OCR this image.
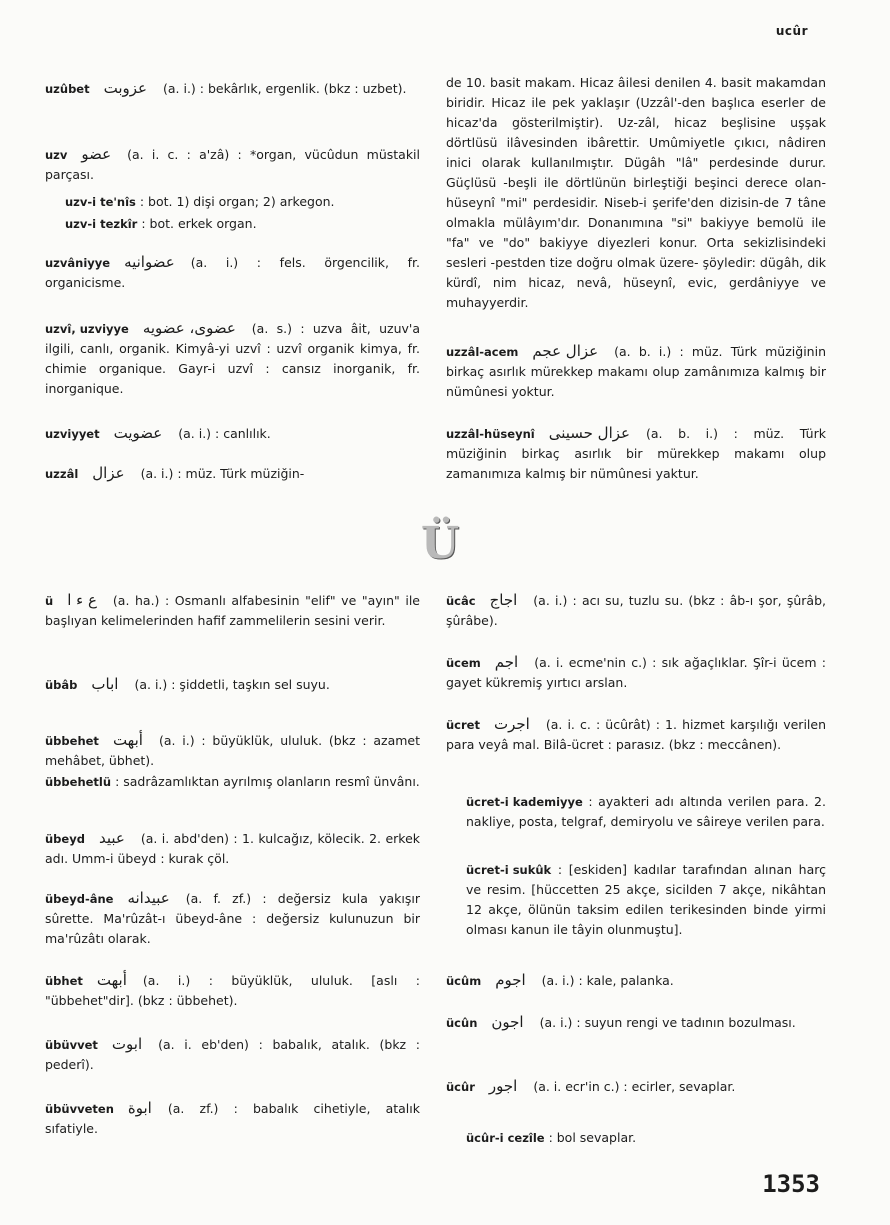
ucûr
Ü
1353
uzûbet عزوبت (a. i.) : bekârlık, ergenlik. (bkz : uzbet).
uzv عضو (a. i. c. : a'zâ) : *organ, vücûdun müstakil parçası.
uzv-i te'nîs : bot. 1) dişi organ; 2) arkegon.
uzv-i tezkîr : bot. erkek organ.
uzvâniyye عضوانيه (a. i.) : fels. örgencilik, fr. organicisme.
uzvî, uzviyye عضوى، عضويه (a. s.) : uzva âit, uzuv'a ilgili, canlı, organik. Kimyâ-yi uzvî : uzvî organik kimya, fr. chimie organique. Gayr-i uzvî : cansız inorganik, fr. inorganique.
uzviyyet عضويت (a. i.) : canlılık.
uzzâl عزال (a. i.) : müz. Türk müziğin-
de 10. basit makam. Hicaz âilesi denilen 4. basit makamdan biridir. Hicaz ile pek yaklaşır (Uzzâl'-den başlıca eserler de hicaz'da gösterilmiştir). Uz-zâl, hicaz beşlisine uşşak dörtlüsü ilâvesinden ibârettir. Umûmiyetle çıkıcı, nâdiren inici olarak kullanılmıştır. Dügâh "lâ" perdesinde durur. Güçlüsü -beşli ile dörtlünün birleştiği beşinci derece olan-hüseynî "mi" perdesidir. Niseb-i şerife'den dizisin-de 7 tâne olmakla mülâyım'dır. Donanımına "si" bakiyye bemolü ile "fa" ve "do" bakiyye diyezleri konur. Orta sekizlisindeki sesleri -pestden tize doğru olmak üzere- şöyledir: dügâh, dik kürdî, nim hicaz, nevâ, hüseynî, evic, gerdâniyye ve muhayyerdir.
uzzâl-acem عزال عجم (a. b. i.) : müz. Türk müziğinin birkaç asırlık mürekkep makamı olup zamânımıza kalmış bir nümûnesi yoktur.
uzzâl-hüseynî عزال حسينى (a. b. i.) : müz. Türk müziğinin birkaç asırlık bir mürekkep makamı olup zamanımıza kalmış bir nümûnesi yaktur.
ü ع ء ا (a. ha.) : Osmanlı alfabesinin "elif" ve "ayın" ile başlıyan kelimelerinden hafif zammelilerin sesini verir.
übâb اباب (a. i.) : şiddetli, taşkın sel suyu.
übbehet أبهت (a. i.) : büyüklük, ululuk. (bkz : azamet mehâbet, übhet).
übbehetlü : sadrâzamlıktan ayrılmış olanların resmî ünvânı.
übeyd عبيد (a. i. abd'den) : 1. kulcağız, kölecik. 2. erkek adı. Umm-i übeyd : kurak çöl.
übeyd-âne عبيدانه (a. f. zf.) : değersiz kula yakışır sûrette. Ma'rûzât-ı übeyd-âne : değersiz kulunuzun bir ma'rûzâtı olarak.
übhet أبهت (a. i.) : büyüklük, ululuk. [aslı : "übbehet"dir]. (bkz : übbehet).
übüvvet ابوت (a. i. eb'den) : babalık, atalık. (bkz : pederî).
übüvveten ابوة (a. zf.) : babalık cihetiyle, atalık sıfatiyle.
ücâc اجاج (a. i.) : acı su, tuzlu su. (bkz : âb-ı şor, şûrâb, şûrâbe).
ücem اجم (a. i. ecme'nin c.) : sık ağaçlıklar. Şîr-i ücem : gayet kükremiş yırtıcı arslan.
ücret اجرت (a. i. c. : ücûrât) : 1. hizmet karşılığı verilen para veyâ mal. Bilâ-ücret : parasız. (bkz : meccânen).
ücret-i kademiyye : ayakteri adı altında verilen para. 2. nakliye, posta, telgraf, demiryolu ve sâireye verilen para.
ücret-i sukûk : [eskiden] kadılar tarafından alınan harç ve resim. [hüccetten 25 akçe, sicilden 7 akçe, nikâhtan 12 akçe, ölünün taksim edilen terikesinden binde yirmi olması kanun ile tâyin olunmuştu].
ücûm اجوم (a. i.) : kale, palanka.
ücûn اجون (a. i.) : suyun rengi ve tadının bozulması.
ücûr اجور (a. i. ecr'in c.) : ecirler, sevaplar.
ücûr-i cezîle : bol sevaplar.
